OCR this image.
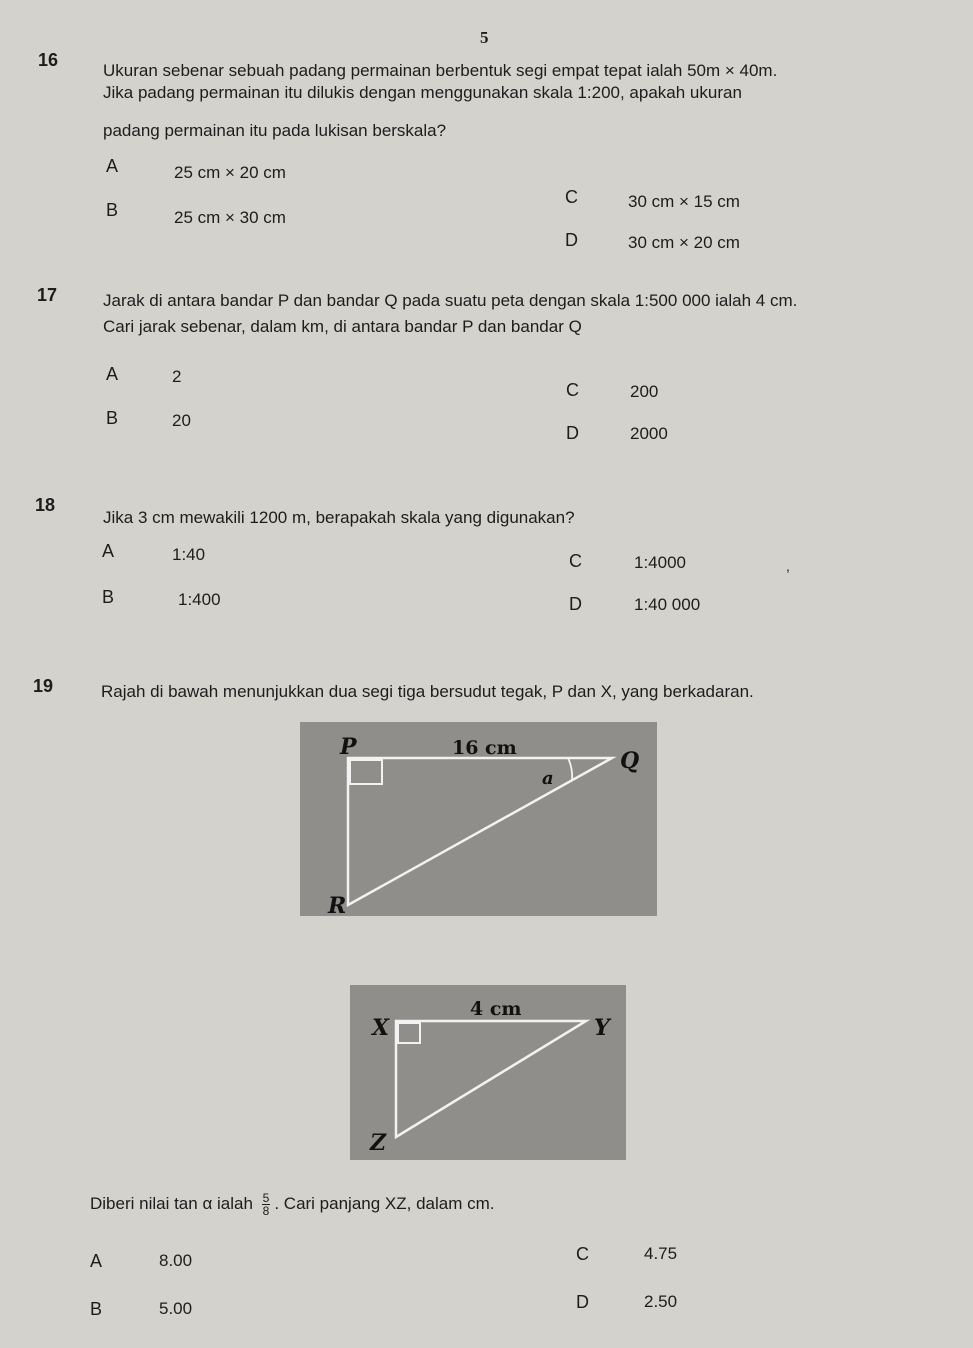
5
16
Ukuran sebenar sebuah padang permainan berbentuk segi empat tepat ialah 50m × 40m.
Jika padang permainan itu dilukis dengan menggunakan skala 1:200, apakah ukuran
padang permainan itu pada lukisan berskala?
A	25 cm × 20 cm
B	25 cm × 30 cm
C	30 cm × 15 cm
D	30 cm × 20 cm
17	Jarak di antara bandar P dan bandar Q pada suatu peta dengan skala 1:500 000 ialah 4 cm.
Cari jarak sebenar, dalam km, di antara bandar P dan bandar Q
A	2
B	20
C	200
D	2000
18
Jika 3 cm mewakili 1200 m, berapakah skala yang digunakan?
A	1:40
B	1:400
C	1:4000
D	1:40 000
,
19	Rajah di bawah menunjukkan dua segi tiga bersudut tegak, P dan X, yang berkadaran.
P
Q
R
16 cm
a
X	Y
Z
4 cm
Diberi nilai tan α ialah $\frac{5}{8}$ . Cari panjang XZ, dalam cm.
A	8.00
B	5.00
C	4.75
D	2.50
